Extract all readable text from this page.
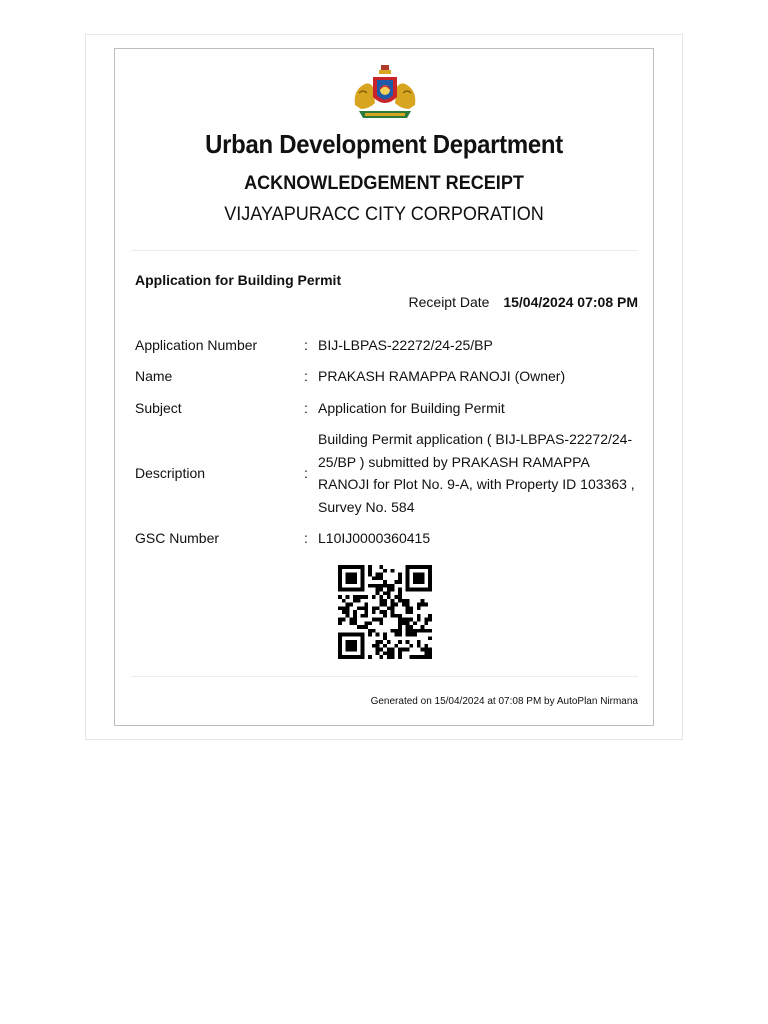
Urban Development Department
ACKNOWLEDGEMENT RECEIPT
VIJAYAPURACC CITY CORPORATION
Application for Building Permit
Receipt Date 15/04/2024 07:08 PM
Application Number	:	BIJ-LBPAS-22272/24-25/BP
Name	:	PRAKASH RAMAPPA RANOJI (Owner)
Subject	:	Application for Building Permit
Description	:	Building Permit application ( BIJ-LBPAS-22272/24-25/BP ) submitted by PRAKASH RAMAPPA RANOJI for Plot No. 9-A, with Property ID 103363 , Survey No. 584
GSC Number	:	L10IJ0000360415
Generated on 15/04/2024 at 07:08 PM by AutoPlan Nirmana
